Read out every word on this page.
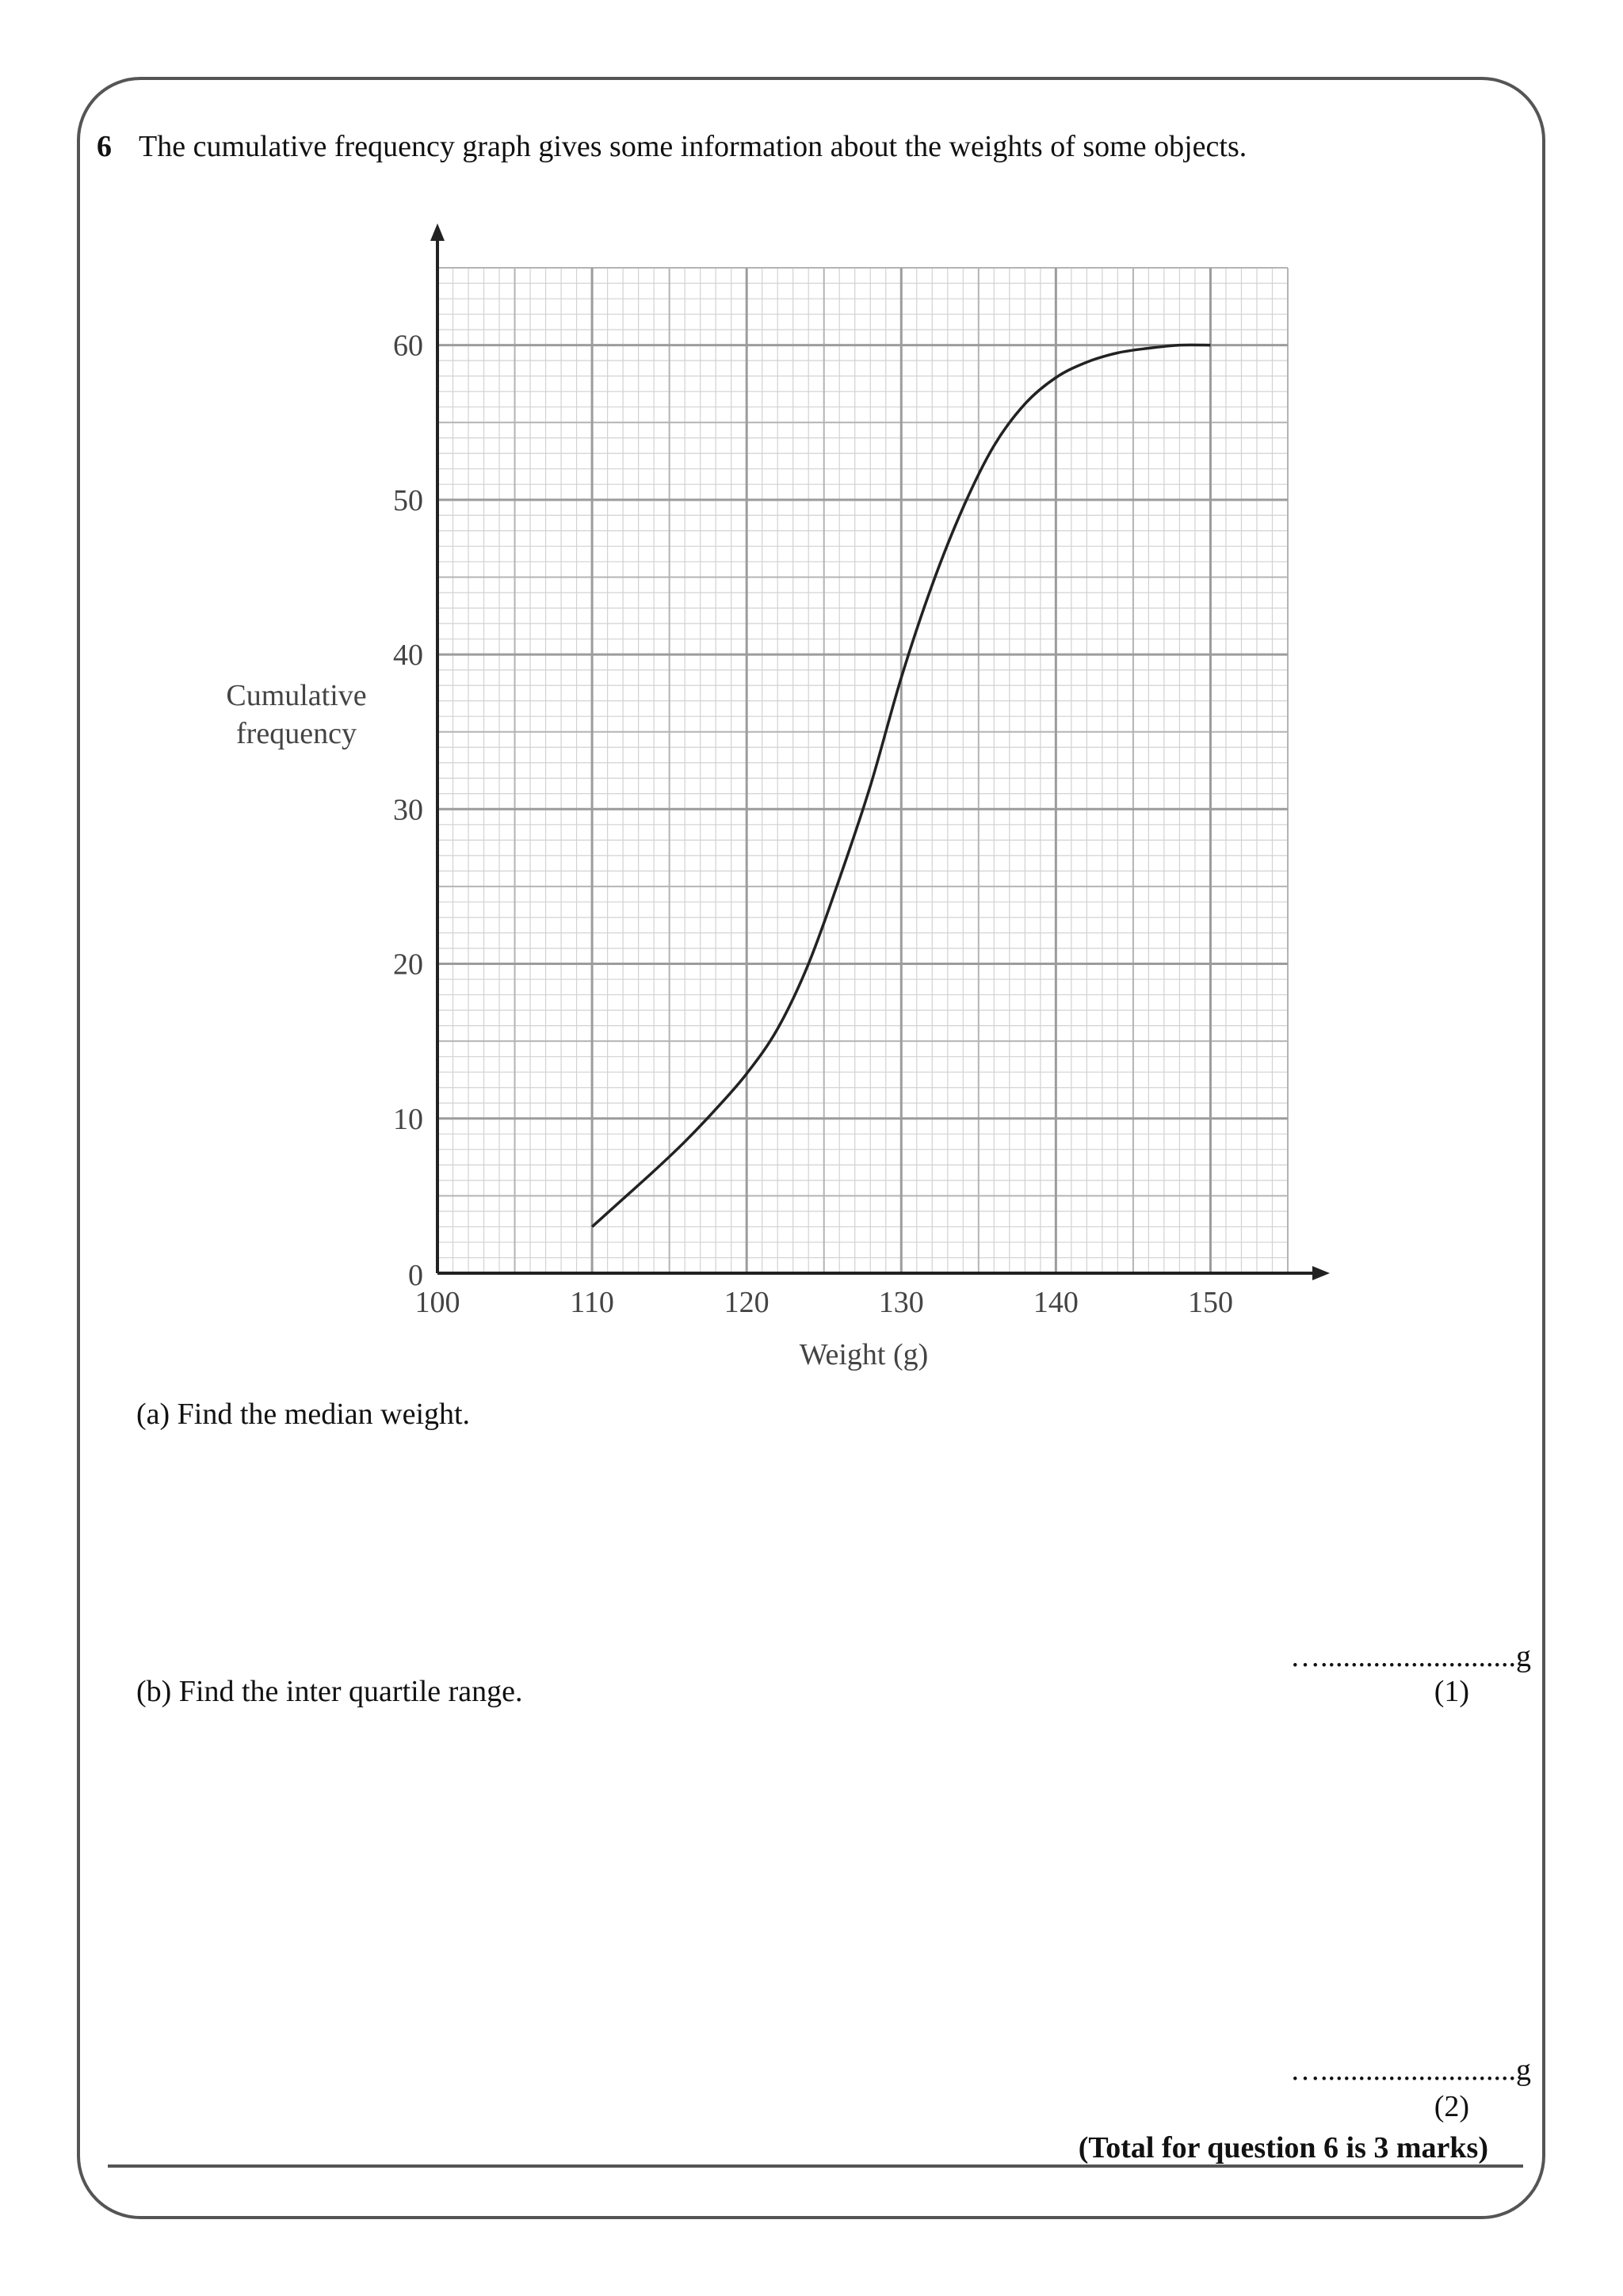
6 The cumulative frequency graph gives some information about the weights of some objects.
100	110	120	130	140	150
0
10
20
30
40
50
60
Weight (g)
Cumulative frequency
(a) Find the median weight.
…..........................g
(1)
(b) Find the inter quartile range.
…..........................g
(2)
(Total for question 6 is 3 marks)
